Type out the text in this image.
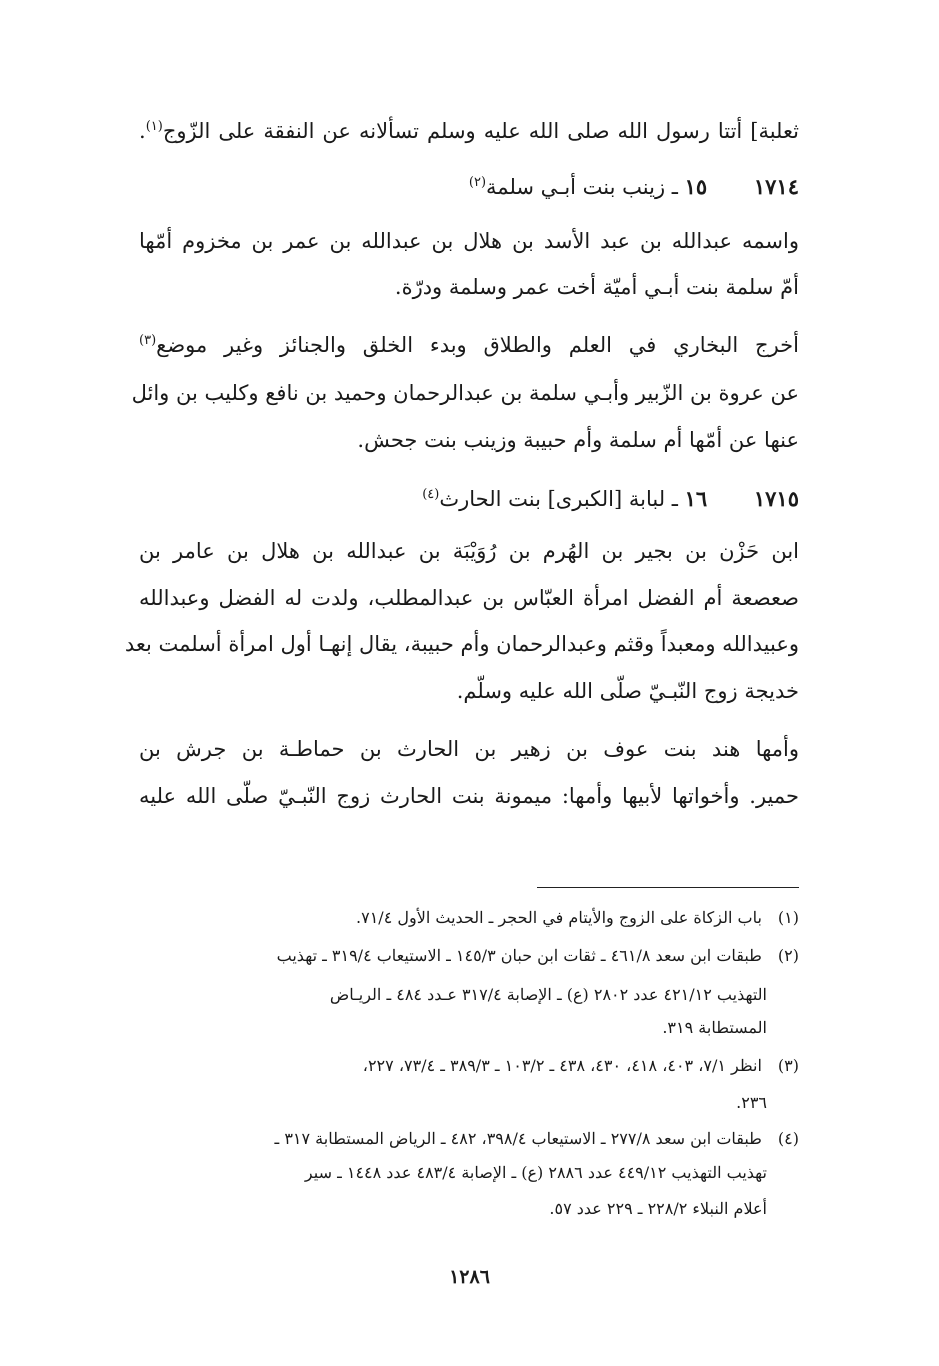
ثعلبة] أتتا رسول الله صلى الله عليه وسلم تسألانه عن النفقة على الزّوج$^{(١)}$.
١٧١٤ ١٥ ـ زينب بنت أبـي سلمة$^{(٢)}$
واسمه عبدالله بن عبد الأسد بن هلال بن عبدالله بن عمر بن مخزوم أمّها
أمّ سلمة بنت أبـي أميّة أخت عمر وسلمة ودرّة.
أخرج البخاري في العلم والطلاق وبدء الخلق والجنائز وغير موضع$^{(٣)}$
عن عروة بن الزّبير وأبـي سلمة بن عبدالرحمان وحميد بن نافع وكليب بن وائل
عنها عن أمّها أم سلمة وأم حبيبة وزينب بنت جحش.
١٧١٥ ١٦ ـ لبابة [الكبرى] بنت الحارث$^{(٤)}$
ابن حَزْن بن بجير بن الهُرم بن رُوَيْبَة بن عبدالله بن هلال بن عامر بن
صعصعة أم الفضل امرأة العبّاس بن عبدالمطلب، ولدت له الفضل وعبدالله
وعبيدالله ومعبداً وقثم وعبدالرحمان وأم حبيبة، يقال إنهـا أول امرأة أسلمت بعد
خديجة زوج النّبـيّ صلّى الله عليه وسلّم.
وأمها هند بنت عوف بن زهير بن الحارث بن حماطـة بن جرش بن
حمير. وأخواتها لأبيها وأمها: ميمونة بنت الحارث زوج النّبـيّ صلّى الله عليه
(١) باب الزكاة على الزوج والأيتام في الحجر ـ الحديث الأول ٧١/٤.
(٢) طبقات ابن سعد ٤٦١/٨ ـ ثقات ابن حبان ١٤٥/٣ ـ الاستيعاب ٣١٩/٤ ـ تهذيب
التهذيب ٤٢١/١٢ عدد ٢٨٠٢ (ع) ـ الإصابة ٣١٧/٤ عـدد ٤٨٤ ـ الريـاض
المستطابة ٣١٩.
(٣) انظر ٧/١، ٤٠٣، ٤١٨، ٤٣٠، ٤٣٨ ـ ١٠٣/٢ ـ ٣٨٩/٣ ـ ٧٣/٤، ٢٢٧،
٢٣٦.
(٤) طبقات ابن سعد ٢٧٧/٨ ـ الاستيعاب ٣٩٨/٤، ٤٨٢ ـ الرياض المستطابة ٣١٧ ـ
تهذيب التهذيب ٤٤٩/١٢ عدد ٢٨٨٦ (ع) ـ الإصابة ٤٨٣/٤ عدد ١٤٤٨ ـ سير
أعلام النبلاء ٢٢٨/٢ ـ ٢٢٩ عدد ٥٧.
١٢٨٦
